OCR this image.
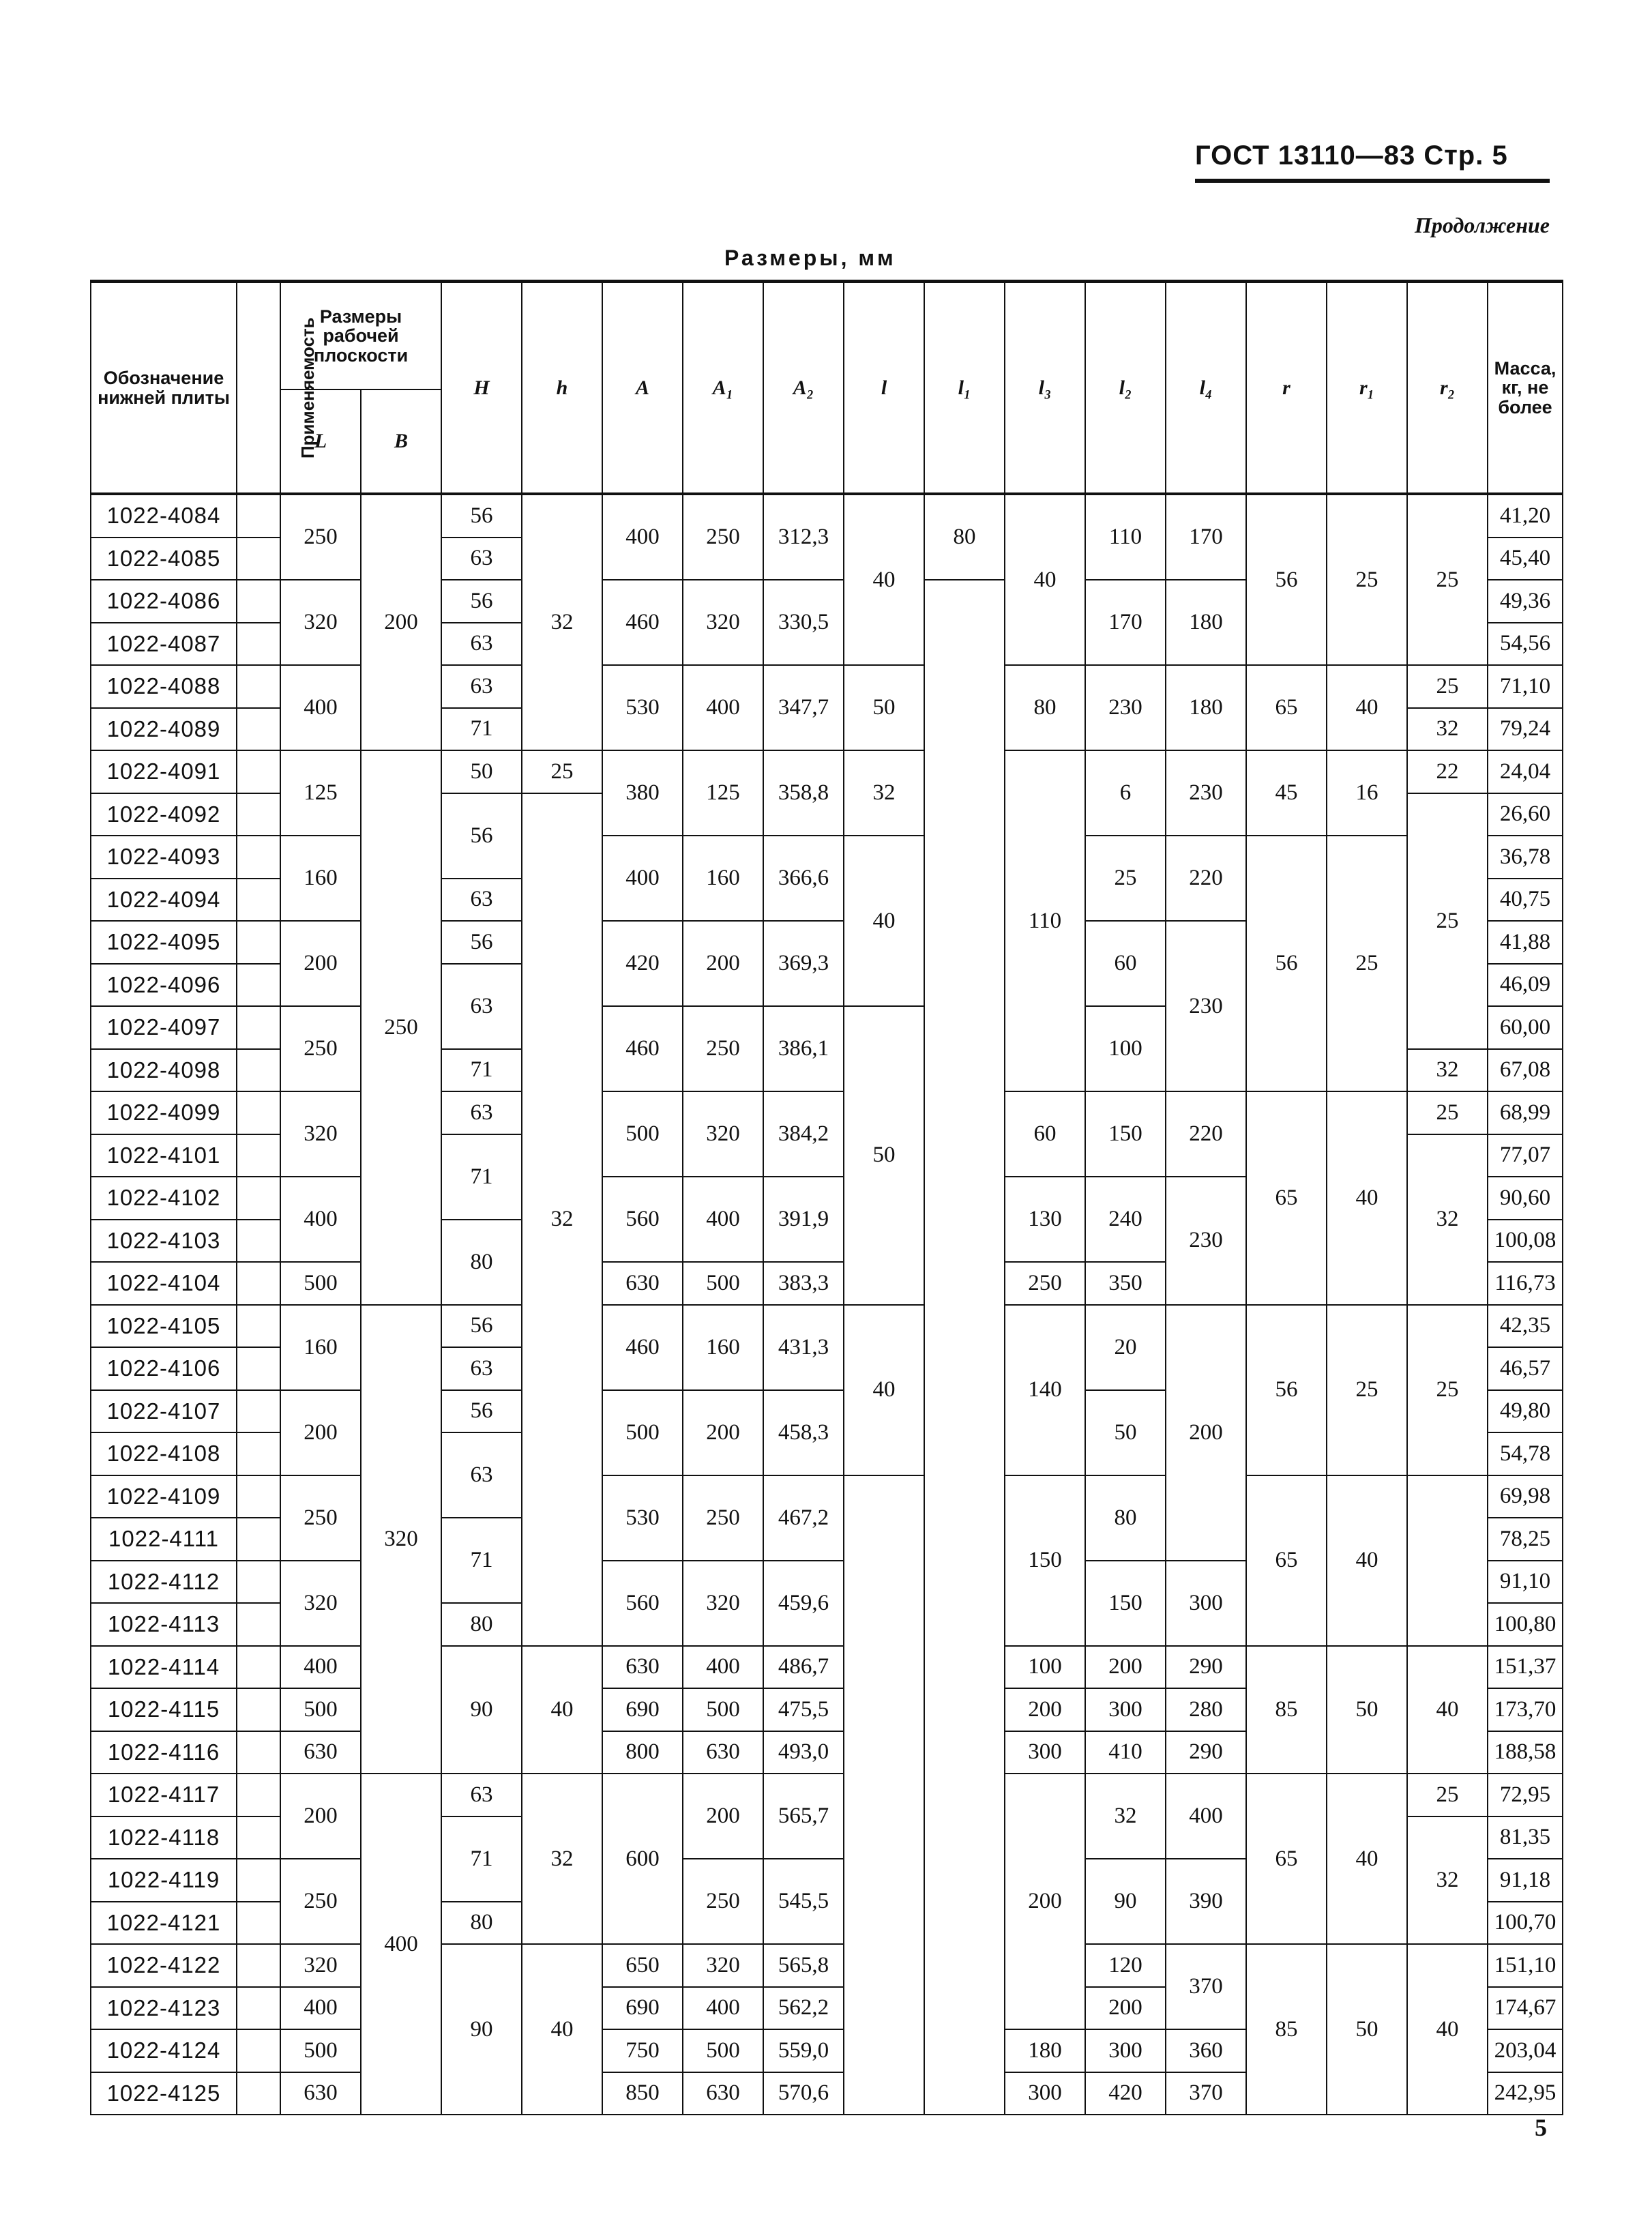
ГОСТ 13110—83 Стр. 5
Продолжение
Размеры, мм
Обозначение нижней плиты	Применяемость	Размеры рабочей плоскости		H	h	A	A₁	A₂	l	l₁	l₃	l₂	l₄	r	r₁	r₂	Масса, кг, не более
		L	B														
1022-4084		250	200	56	32	400	250	312,3	40	80	40	110	170	56	25	25	41,20
1022-4085				63													45,40
1022-4086		320		56		460	320	330,5				170	180				49,36
1022-4087				63													54,56
1022-4088		400		63		530	400	347,7	50		80	230	180	65	40	25	71,10
1022-4089				71												32	79,24
1022-4091		125	250	50	25	380	125	358,8	32		110	6	230	45	16	22	24,04
1022-4092				56	32											25	26,60
1022-4093		160				400	160	366,6	40			25	220	56	25		36,78
1022-4094				63													40,75
1022-4095		200		56		420	200	369,3				60	230				41,88
1022-4096				63													46,09
1022-4097		250				460	250	386,1	50			100					60,00
1022-4098				71												32	67,08
1022-4099		320		63		500	320	384,2			60	150	220	65	40	25	68,99
1022-4101				71												32	77,07
1022-4102		400				560	400	391,9			130	240	230				90,60
1022-4103				80													100,08
1022-4104		500				630	500	383,3			250	350					116,73
1022-4105		160	320	56		460	160	431,3	40		140	20	200	56	25	25	42,35
1022-4106				63													46,57
1022-4107		200		56		500	200	458,3				50					49,80
1022-4108				63													54,78
1022-4109		250				530	250	467,2			150	80		65	40		69,98
1022-4111				71													78,25
1022-4112		320				560	320	459,6				150	300				91,10
1022-4113				80													100,80
1022-4114		400		90	40	630	400	486,7			100	200	290	85	50	40	151,37
1022-4115		500				690	500	475,5			200	300	280				173,70
1022-4116		630				800	630	493,0			300	410	290				188,58
1022-4117		200	400	63	32	600	200	565,7			200	32	400	65	40	25	72,95
1022-4118				71												32	81,35
1022-4119		250					250	545,5				90	390				91,18
1022-4121				80													100,70
1022-4122		320		90	40	650	320	565,8				120	370	85	50	40	151,10
1022-4123		400				690	400	562,2				200					174,67
1022-4124		500				750	500	559,0			180	300	360				203,04
1022-4125		630				850	630	570,6			300	420	370				242,95
5
